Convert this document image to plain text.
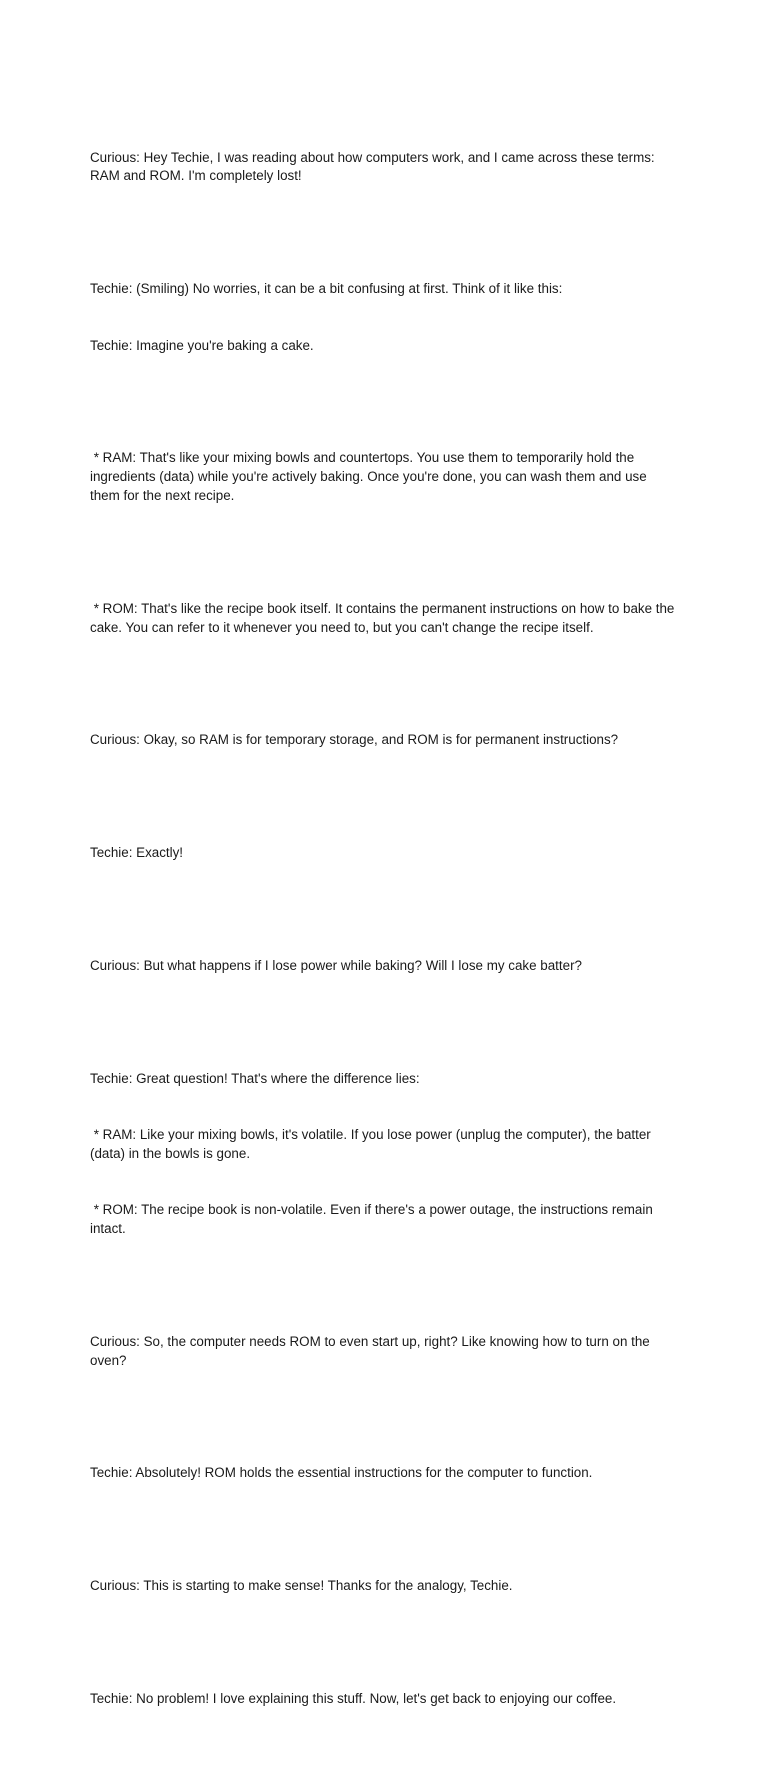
Curious: Hey Techie, I was reading about how computers work, and I came across these terms: RAM and ROM. I'm completely lost!

Techie: (Smiling) No worries, it can be a bit confusing at first. Think of it like this:

Techie: Imagine you're baking a cake.

* RAM: That's like your mixing bowls and countertops. You use them to temporarily hold the ingredients (data) while you're actively baking. Once you're done, you can wash them and use them for the next recipe.

* ROM: That's like the recipe book itself. It contains the permanent instructions on how to bake the cake. You can refer to it whenever you need to, but you can't change the recipe itself.

Curious: Okay, so RAM is for temporary storage, and ROM is for permanent instructions?

Techie: Exactly!

Curious: But what happens if I lose power while baking? Will I lose my cake batter?

Techie: Great question! That's where the difference lies:

* RAM: Like your mixing bowls, it's volatile. If you lose power (unplug the computer), the batter (data) in the bowls is gone.

* ROM: The recipe book is non-volatile. Even if there's a power outage, the instructions remain intact.

Curious: So, the computer needs ROM to even start up, right? Like knowing how to turn on the oven?

Techie: Absolutely! ROM holds the essential instructions for the computer to function.

Curious: This is starting to make sense! Thanks for the analogy, Techie.

Techie: No problem! I love explaining this stuff. Now, let's get back to enjoying our coffee.
